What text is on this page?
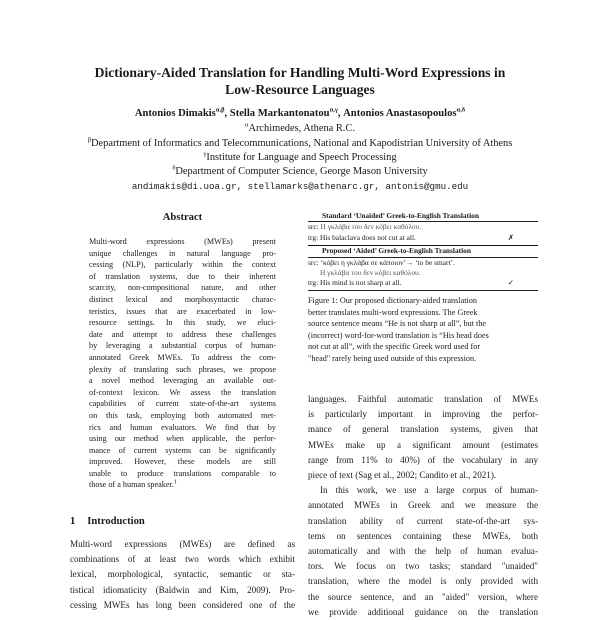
Dictionary-Aided Translation for Handling Multi-Word Expressions in
Low-Resource Languages
Antonios Dimakis$^{\alpha,\beta}$, Stella Markantonatou$^{\alpha,\gamma}$, Antonios Anastasopoulos$^{\alpha,\delta}$
$^\alpha$Archimedes, Athena R.C.
$^\beta$Department of Informatics and Telecommunications, National and Kapodistrian University of Athens
$^\gamma$Institute for Language and Speech Processing
$^\delta$Department of Computer Science, George Mason University
andimakis@di.uoa.gr, stellamarks@athenarc.gr, antonis@gmu.edu
Abstract
Multi-word expressions (MWEs) present
unique challenges in natural language pro-
cessing (NLP), particularly within the context
of translation systems, due to their inherent
scarcity, non-compositional nature, and other
distinct lexical and morphosyntactic charac-
teristics, issues that are exacerbated in low-
resource settings. In this study, we eluci-
date and attempt to address these challenges
by leveraging a substantial corpus of human-
annotated Greek MWEs. To address the com-
plexity of translating such phrases, we propose
a novel method leveraging an available out-
of-context lexicon. We assess the translation
capabilities of current state-of-the-art systems
on this task, employing both automated met-
rics and human evaluators. We find that by
using our method when applicable, the perfor-
mance of current systems can be significantly
improved. However, these models are still
unable to produce translations comparable to
those of a human speaker.$^1$
1 Introduction
Multi-word expressions (MWEs) are defined as
combinations of at least two words which exhibit
lexical, morphological, syntactic, semantic or sta-
tistical idiomaticity (Baldwin and Kim, 2009). Pro-
cessing MWEs has long been considered one of the
Standard ‘Unaided’ Greek-to-English Translation
src: Η γκλάβα του δεν κόβει καθόλου.
trg: His balaclava does not cut at all.	✗
Proposed ‘Aided’ Greek-to-English Translation
src: ‘κόβει η γκλάβα σε κάποιον’→ ‘to be smart’.
Η γκλάβα του δεν κόβει καθόλου.
trg: His mind is not sharp at all.	✓
Figure 1: Our proposed dictionary-aided translation
better translates multi-word expressions. The Greek
source sentence means “He is not sharp at all”, but the
(incorrect) word-for-word translation is “His head does
not cut at all”, with the specific Greek word used for
"head" rarely being used outside of this expression.
languages. Faithful automatic translation of MWEs
is particularly important in improving the perfor-
mance of general translation systems, given that
MWEs make up a significant amount (estimates
range from 11% to 40%) of the vocabulary in any
piece of text (Sag et al., 2002; Candito et al., 2021).
In this work, we use a large corpus of human-
annotated MWEs in Greek and we measure the
translation ability of current state-of-the-art sys-
tems on sentences containing these MWEs, both
automatically and with the help of human evalua-
tors. We focus on two tasks; standard "unaided"
translation, where the model is only provided with
the source sentence, and an "aided" version, where
we provide additional guidance on the translation
